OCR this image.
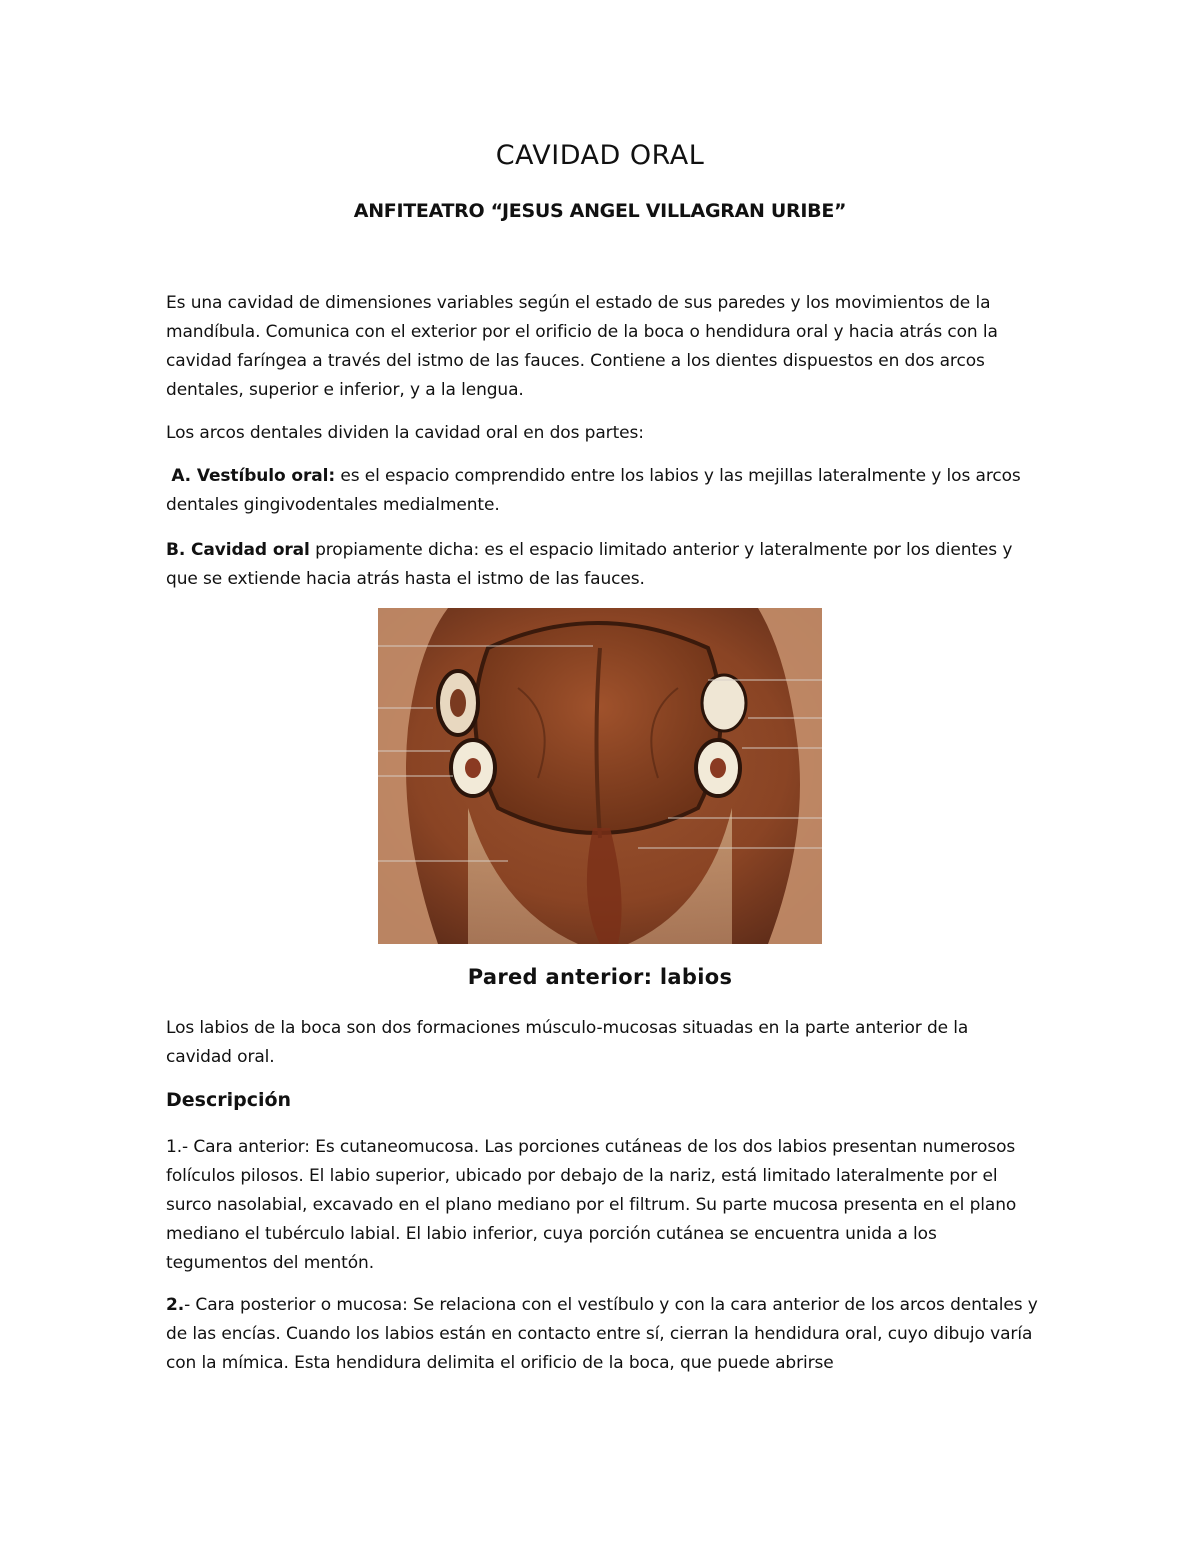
CAVIDAD ORAL
ANFITEATRO “JESUS ANGEL VILLAGRAN URIBE”
Es una cavidad de dimensiones variables según el estado de sus paredes y los movimientos de la mandíbula. Comunica con el exterior por el orificio de la boca o hendidura oral y hacia atrás con la cavidad faríngea a través del istmo de las fauces. Contiene a los dientes dispuestos en dos arcos dentales, superior e inferior, y a la lengua.
Los arcos dentales dividen la cavidad oral en dos partes:
A. Vestíbulo oral: es el espacio comprendido entre los labios y las mejillas lateralmente y los arcos dentales gingivodentales medialmente.
B. Cavidad oral propiamente dicha: es el espacio limitado anterior y lateralmente por los dientes y que se extiende hacia atrás hasta el istmo de las fauces.
Pared anterior: labios
Los labios de la boca son dos formaciones músculo-mucosas situadas en la parte anterior de la cavidad oral.
Descripción
1.- Cara anterior: Es cutaneomucosa. Las porciones cutáneas de los dos labios presentan numerosos folículos pilosos. El labio superior, ubicado por debajo de la nariz, está limitado lateralmente por el surco nasolabial, excavado en el plano mediano por el filtrum. Su parte mucosa presenta en el plano mediano el tubérculo labial. El labio inferior, cuya porción cutánea se encuentra unida a los tegumentos del mentón.
2.- Cara posterior o mucosa: Se relaciona con el vestíbulo y con la cara anterior de los arcos dentales y de las encías. Cuando los labios están en contacto entre sí, cierran la hendidura oral, cuyo dibujo varía con la mímica. Esta hendidura delimita el orificio de la boca, que puede abrirse
